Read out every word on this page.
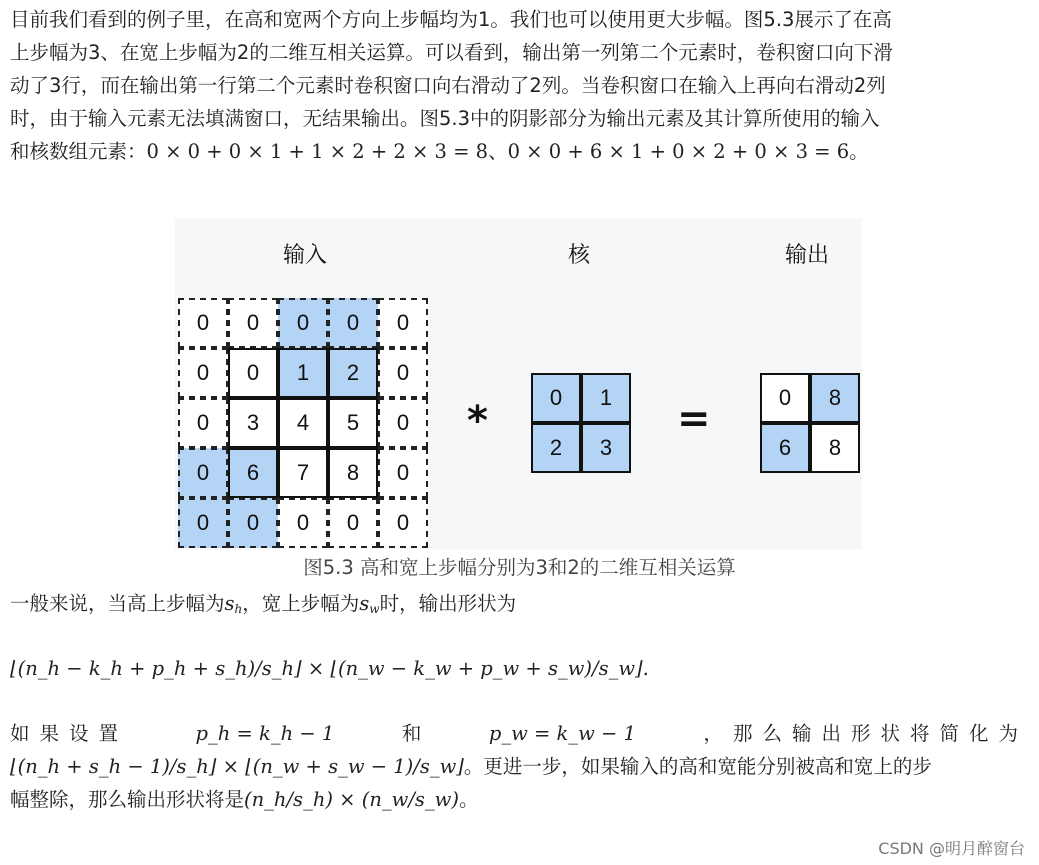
目前我们看到的例子里，在高和宽两个方向上步幅均为1。我们也可以使用更大步幅。图5.3展示了在高
上步幅为3、在宽上步幅为2的二维互相关运算。可以看到，输出第一列第二个元素时，卷积窗口向下滑
动了3行，而在输出第一行第二个元素时卷积窗口向右滑动了2列。当卷积窗口在输入上再向右滑动2列
时，由于输入元素无法填满窗口，无结果输出。图5.3中的阴影部分为输出元素及其计算所使用的输入
和核数组元素：0 × 0 + 0 × 1 + 1 × 2 + 2 × 3 = 8、0 × 0 + 6 × 1 + 0 × 2 + 0 × 3 = 6。
输入	核	输出
0	0	0	0	0
0	0	1	2	0
0	3	4	5	0
0	6	7	8	0
0	0	0	0	0
*
0	1
2	3
=	0	8
6	8
图5.3 高和宽上步幅分别为3和2的二维互相关运算
一般来说，当高上步幅为$s_h$，宽上步幅为$s_w$时，输出形状为
⌊(n_h − k_h + p_h + s_h)/s_h⌋ × ⌊(n_w − k_w + p_w + s_w)/s_w⌋.
如果设置	p_h = k_h − 1	和	p_w = k_w − 1	，那么输出形状将简化为
⌊(n_h + s_h − 1)/s_h⌋ × ⌊(n_w + s_w − 1)/s_w⌋。更进一步，如果输入的高和宽能分别被高和宽上的步
幅整除，那么输出形状将是(n_h/s_h) × (n_w/s_w)。
CSDN @明月醉窗台
